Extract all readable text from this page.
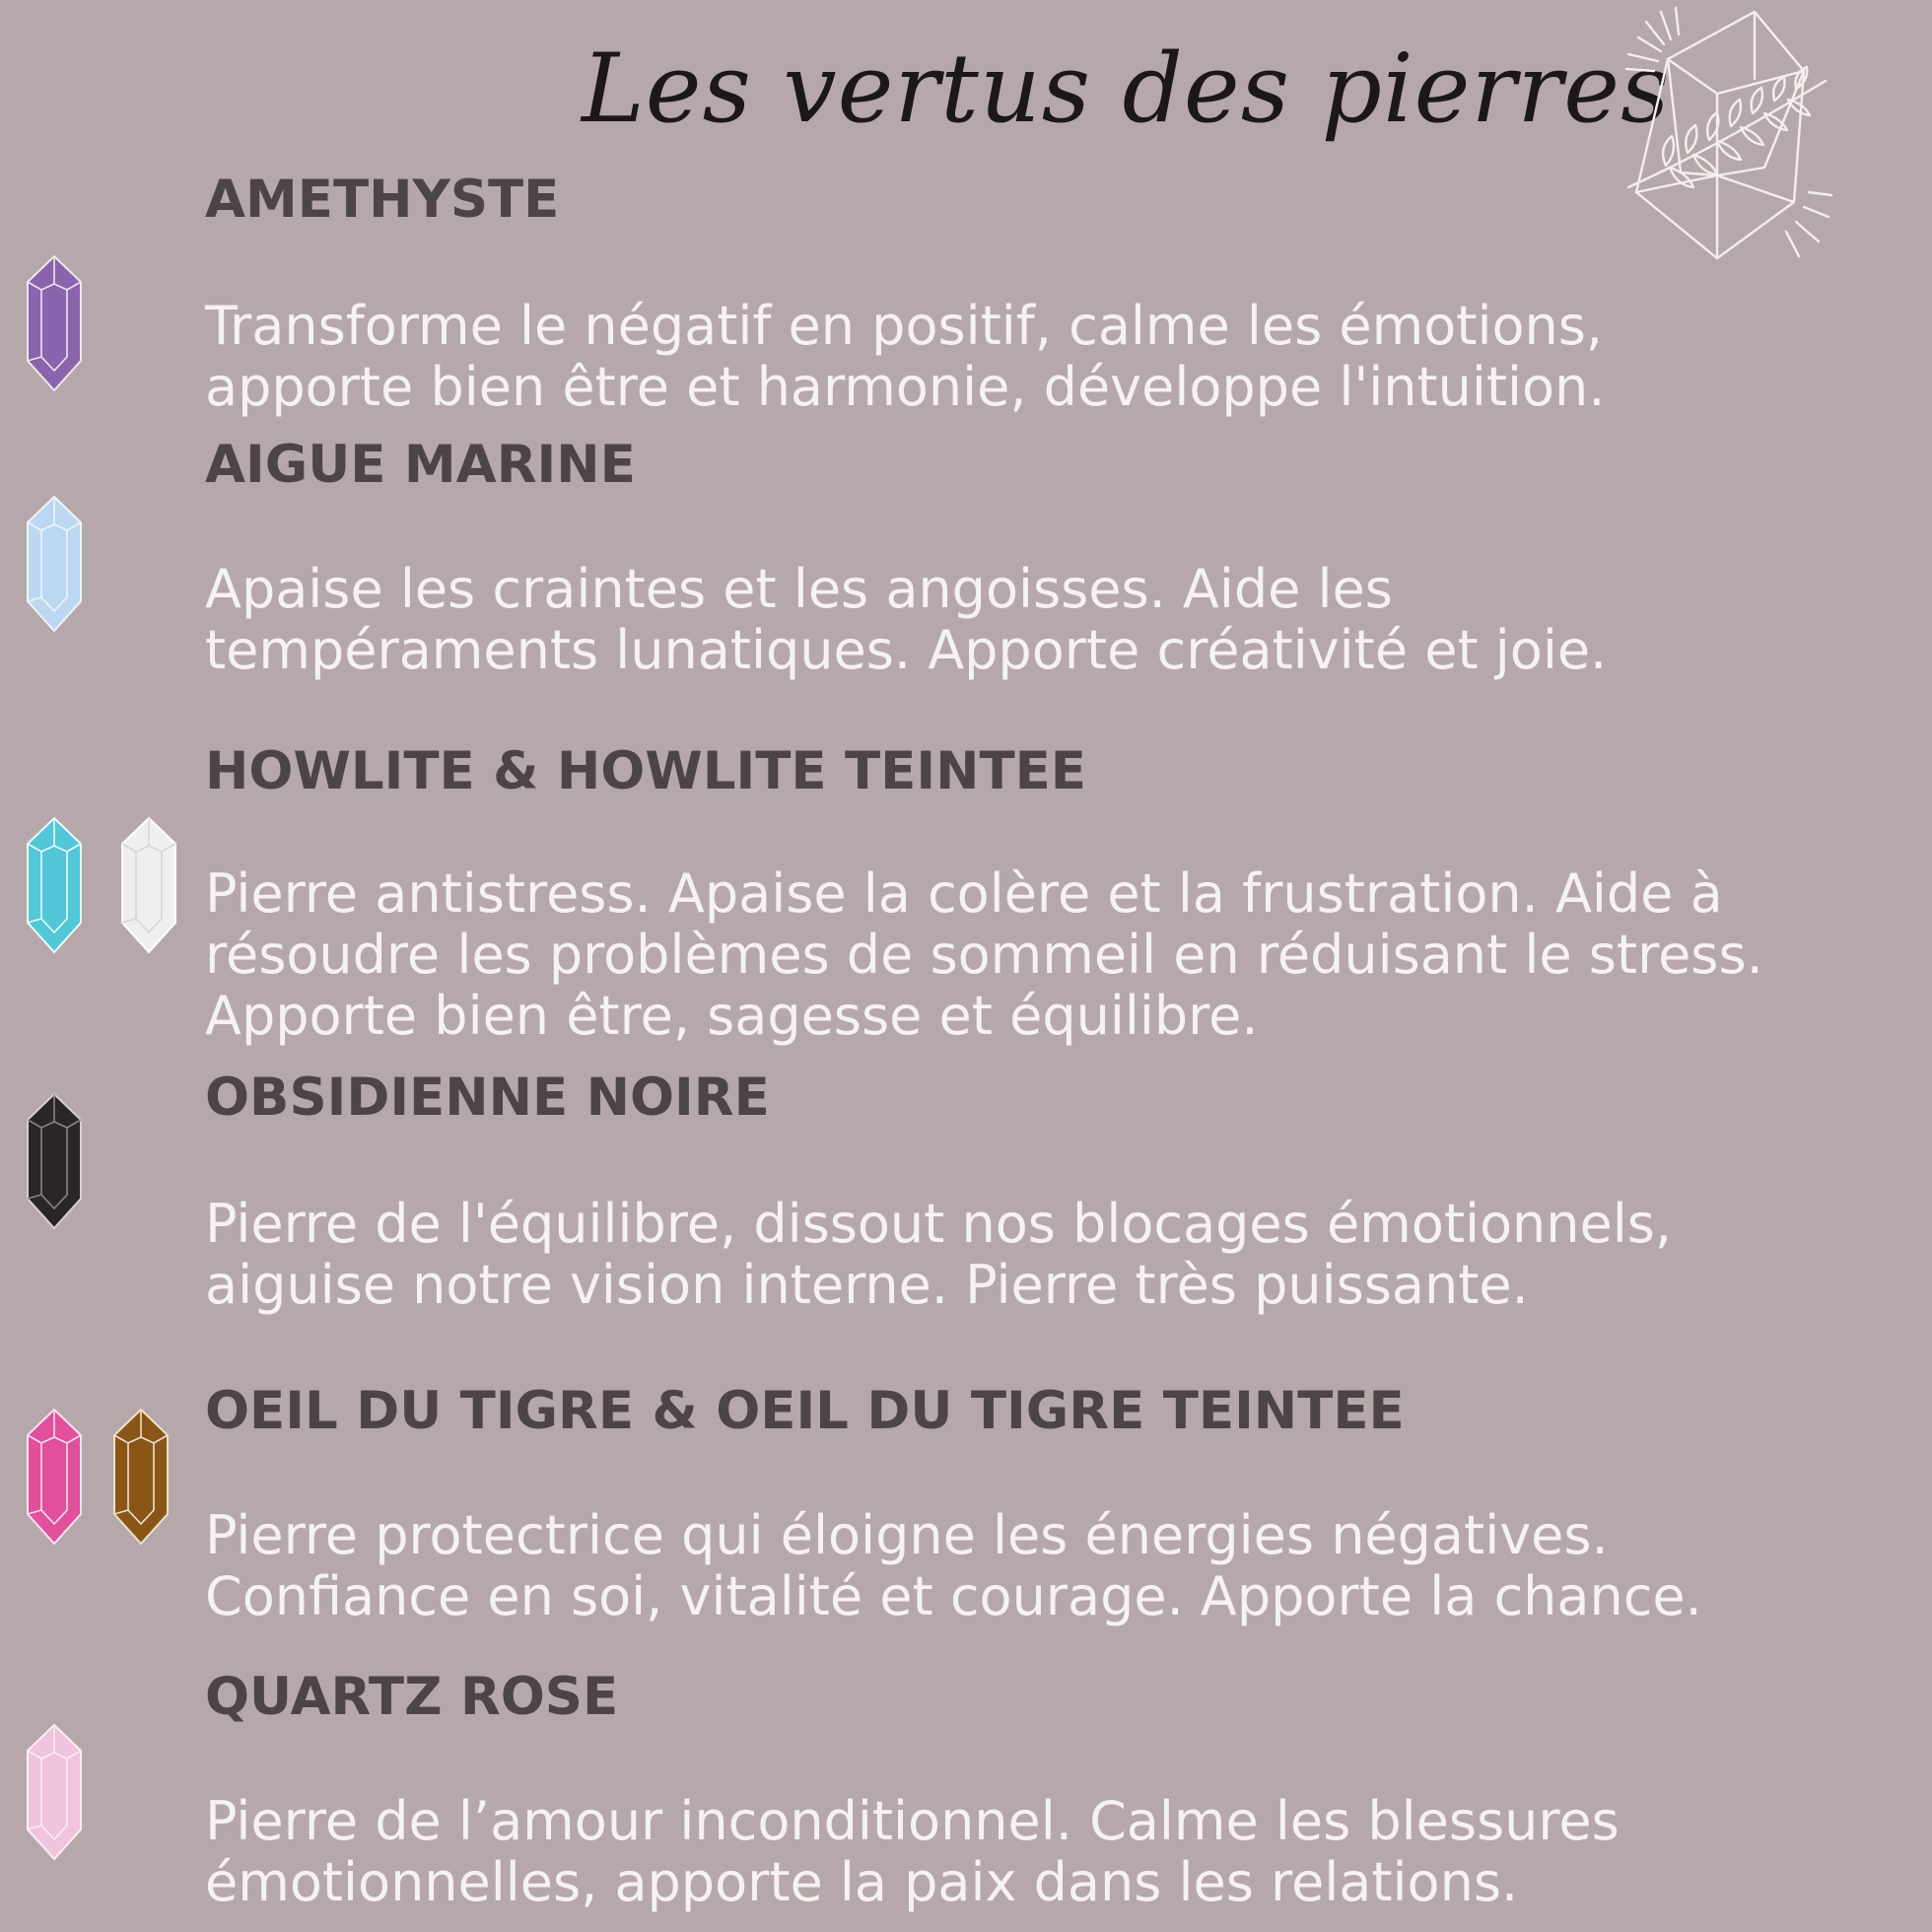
Les vertus des pierres
AMETHYSTE
Transforme le négatif en positif, calme les émotions,
apporte bien être et harmonie, développe l'intuition.
AIGUE MARINE
Apaise les craintes et les angoisses. Aide les
tempéraments lunatiques. Apporte créativité et joie.
HOWLITE & HOWLITE TEINTEE
Pierre antistress. Apaise la colère et la frustration. Aide à
résoudre les problèmes de sommeil en réduisant le stress.
Apporte bien être, sagesse et équilibre.
OBSIDIENNE NOIRE
Pierre de l'équilibre, dissout nos blocages émotionnels,
aiguise notre vision interne. Pierre très puissante.
OEIL DU TIGRE & OEIL DU TIGRE TEINTEE
Pierre protectrice qui éloigne les énergies négatives.
Confiance en soi, vitalité et courage. Apporte la chance.
QUARTZ ROSE
Pierre de l’amour inconditionnel. Calme les blessures
émotionnelles, apporte la paix dans les relations.
